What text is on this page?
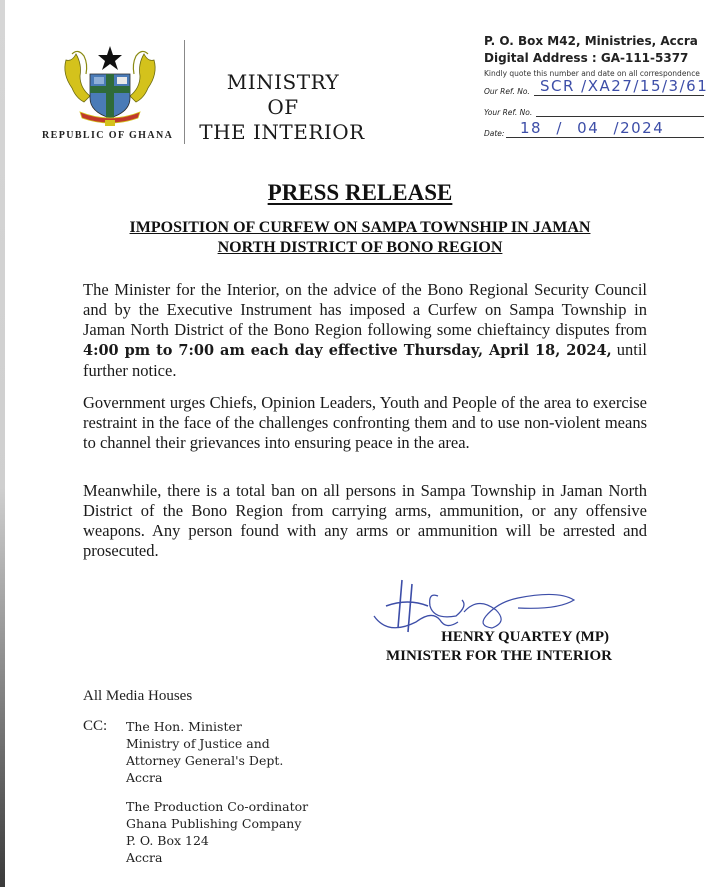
REPUBLIC OF GHANA
MINISTRY
OF
THE INTERIOR
P. O. Box M42, Ministries, Accra
Digital Address : GA-111-5377
Kindly quote this number and date on all correspondence
Our Ref. No. SCR /XA27/15/3/61
Your Ref. No.
Date: 18 / 04 /2024
PRESS RELEASE
IMPOSITION OF CURFEW ON SAMPA TOWNSHIP IN JAMAN
NORTH DISTRICT OF BONO REGION
The Minister for the Interior, on the advice of the Bono Regional Security Council and by the Executive Instrument has imposed a Curfew on Sampa Township in Jaman North District of the Bono Region following some chieftaincy disputes from 4:00 pm to 7:00 am each day effective Thursday, April 18, 2024, until further notice.
Government urges Chiefs, Opinion Leaders, Youth and People of the area to exercise restraint in the face of the challenges confronting them and to use non-violent means to channel their grievances into ensuring peace in the area.
Meanwhile, there is a total ban on all persons in Sampa Township in Jaman North District of the Bono Region from carrying arms, ammunition, or any offensive weapons. Any person found with any arms or ammunition will be arrested and prosecuted.
HENRY QUARTEY (MP)
MINISTER FOR THE INTERIOR
All Media Houses
CC: The Hon. Minister
Ministry of Justice and
Attorney General's Dept.
Accra
The Production Co-ordinator
Ghana Publishing Company
P. O. Box 124
Accra
